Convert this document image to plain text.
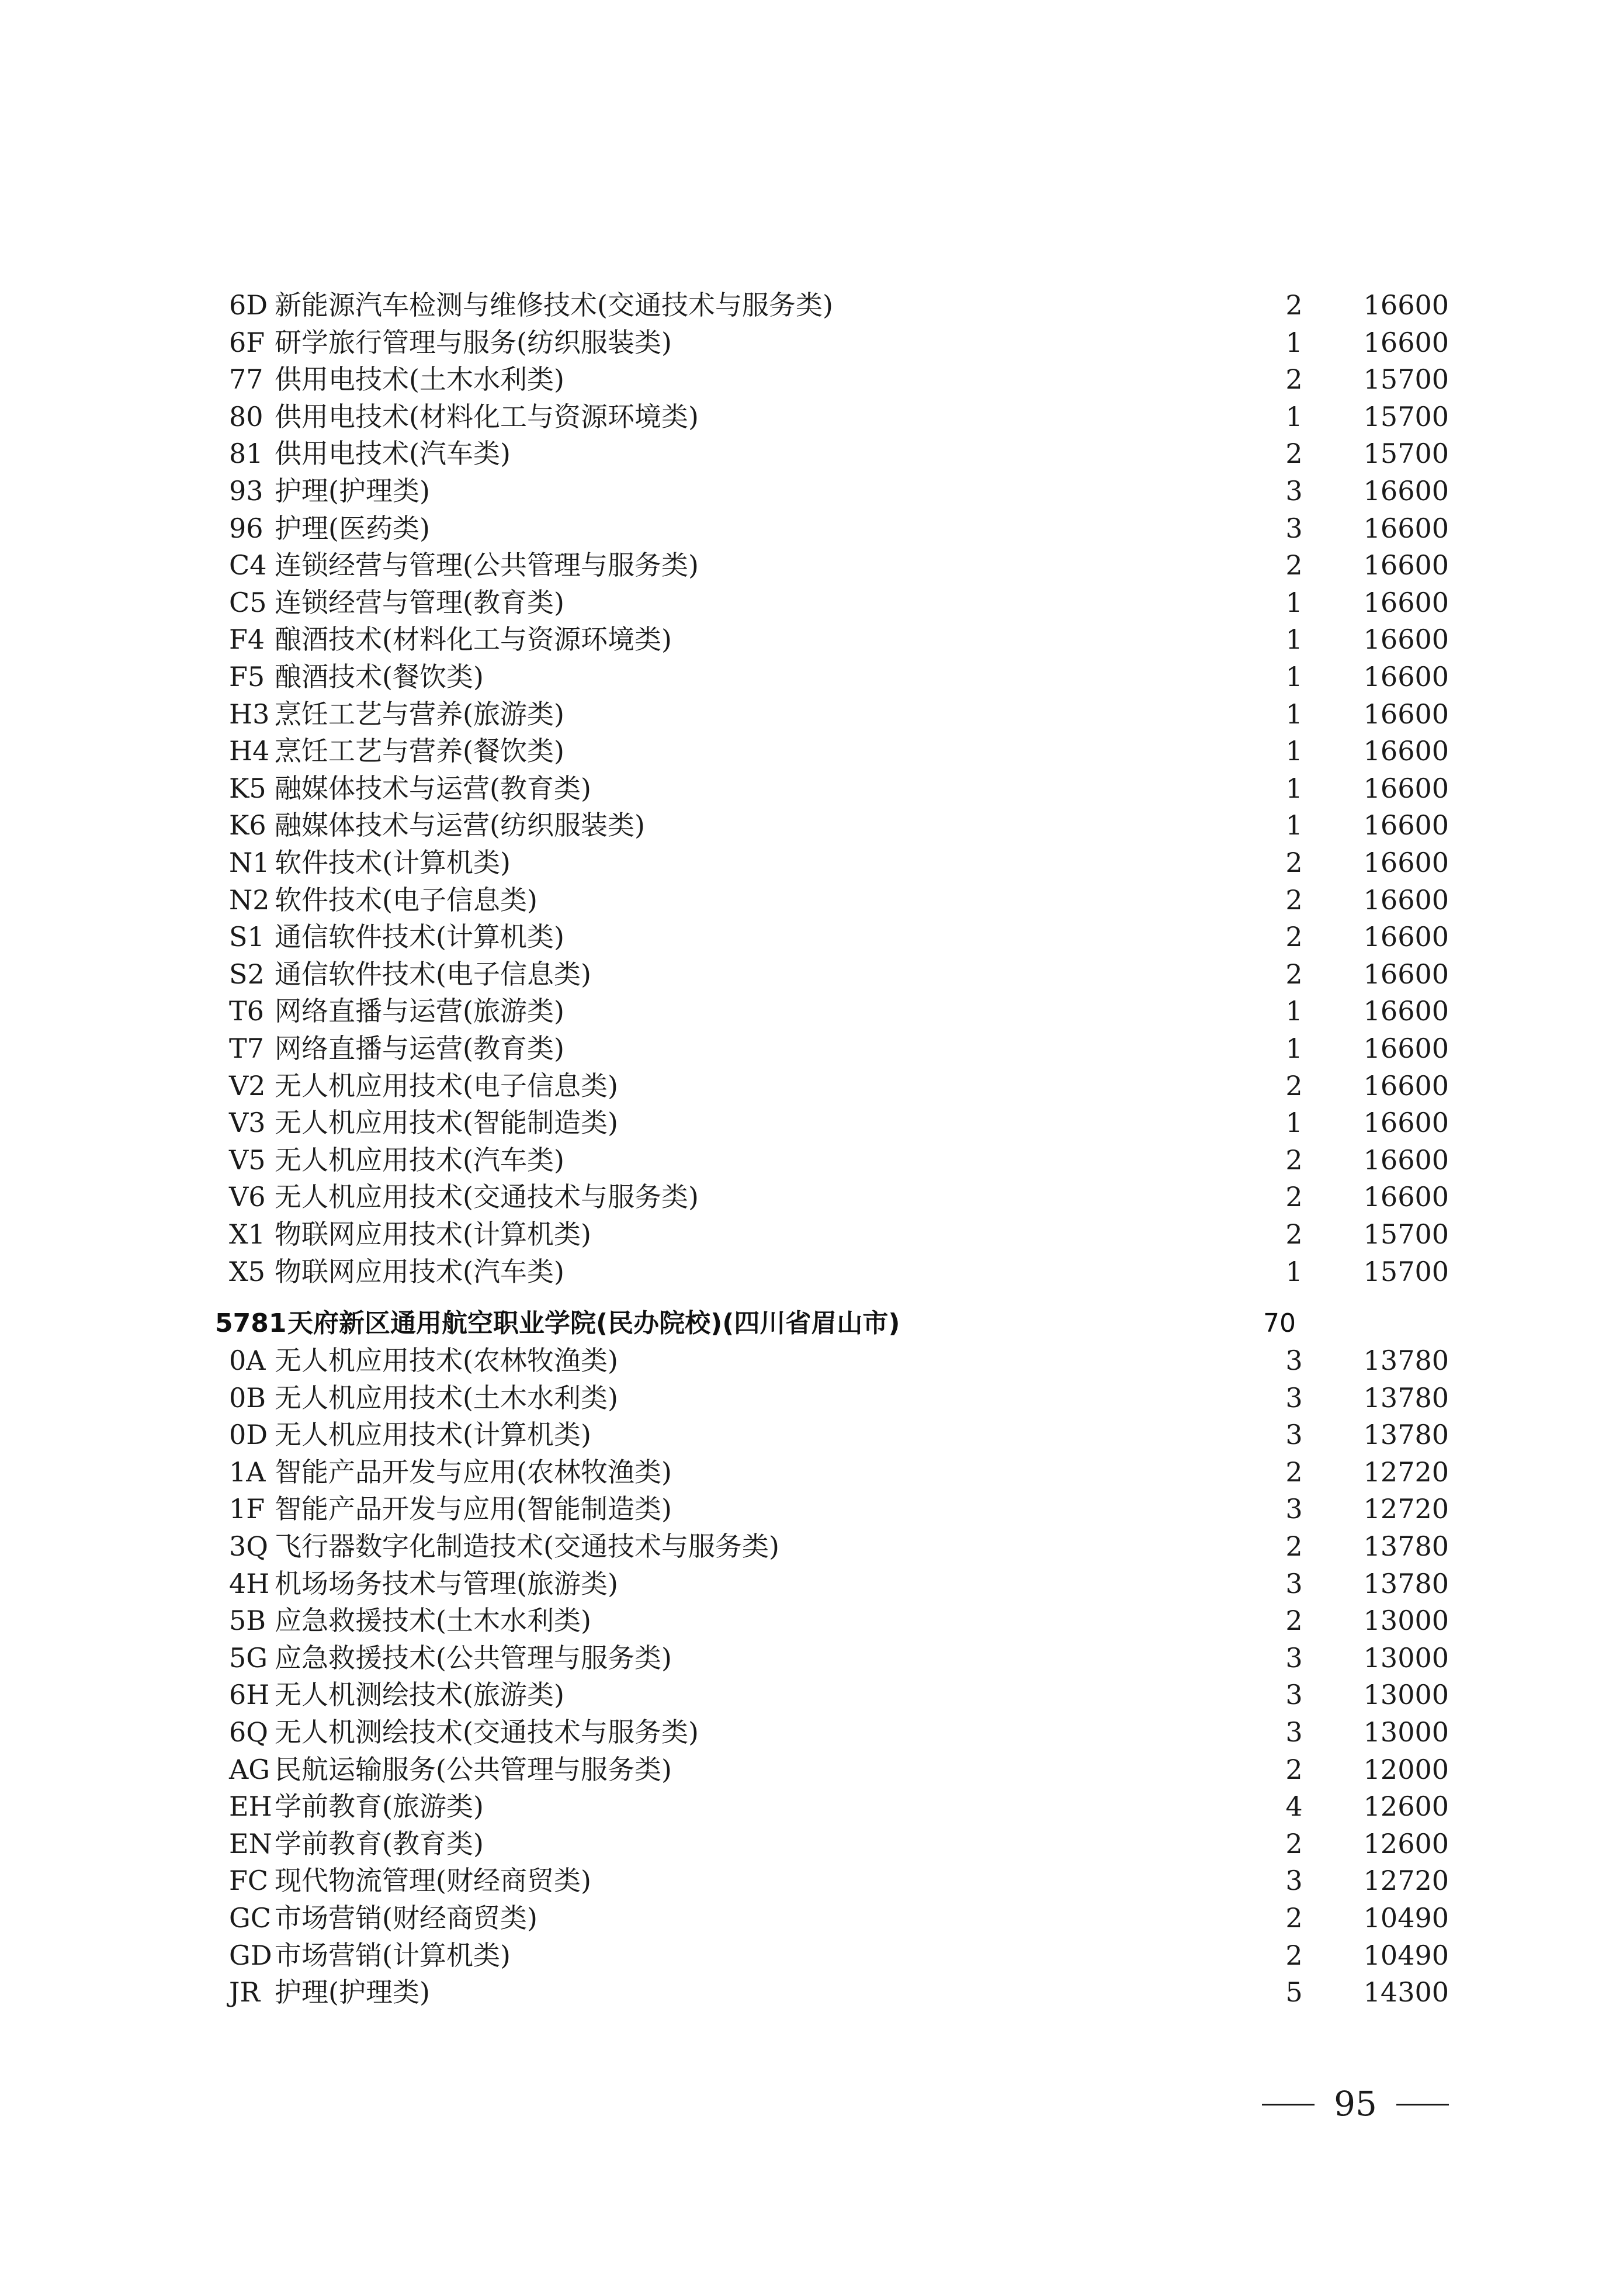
6D 新能源汽车检测与维修技术(交通技术与服务类)	2	16600
6F 研学旅行管理与服务(纺织服装类)	1	16600
77 供用电技术(土木水利类)	2	15700
80 供用电技术(材料化工与资源环境类)	1	15700
81 供用电技术(汽车类)	2	15700
93 护理(护理类)	3	16600
96 护理(医药类)	3	16600
C4 连锁经营与管理(公共管理与服务类)	2	16600
C5 连锁经营与管理(教育类)	1	16600
F4 酿酒技术(材料化工与资源环境类)	1	16600
F5 酿酒技术(餐饮类)	1	16600
H3 烹饪工艺与营养(旅游类)	1	16600
H4 烹饪工艺与营养(餐饮类)	1	16600
K5 融媒体技术与运营(教育类)	1	16600
K6 融媒体技术与运营(纺织服装类)	1	16600
N1 软件技术(计算机类)	2	16600
N2 软件技术(电子信息类)	2	16600
S1 通信软件技术(计算机类)	2	16600
S2 通信软件技术(电子信息类)	2	16600
T6 网络直播与运营(旅游类)	1	16600
T7 网络直播与运营(教育类)	1	16600
V2 无人机应用技术(电子信息类)	2	16600
V3 无人机应用技术(智能制造类)	1	16600
V5 无人机应用技术(汽车类)	2	16600
V6 无人机应用技术(交通技术与服务类)	2	16600
X1 物联网应用技术(计算机类)	2	15700
X5 物联网应用技术(汽车类)	1	15700
5781 天府新区通用航空职业学院(民办院校)(四川省眉山市)	70
0A 无人机应用技术(农林牧渔类)	3	13780
0B 无人机应用技术(土木水利类)	3	13780
0D 无人机应用技术(计算机类)	3	13780
1A 智能产品开发与应用(农林牧渔类)	2	12720
1F 智能产品开发与应用(智能制造类)	3	12720
3Q 飞行器数字化制造技术(交通技术与服务类)	2	13780
4H 机场场务技术与管理(旅游类)	3	13780
5B 应急救援技术(土木水利类)	2	13000
5G 应急救援技术(公共管理与服务类)	3	13000
6H 无人机测绘技术(旅游类)	3	13000
6Q 无人机测绘技术(交通技术与服务类)	3	13000
AG 民航运输服务(公共管理与服务类)	2	12000
EH 学前教育(旅游类)	4	12600
EN 学前教育(教育类)	2	12600
FC 现代物流管理(财经商贸类)	3	12720
GC 市场营销(财经商贸类)	2	10490
GD 市场营销(计算机类)	2	10490
JR 护理(护理类)	5	14300
95
